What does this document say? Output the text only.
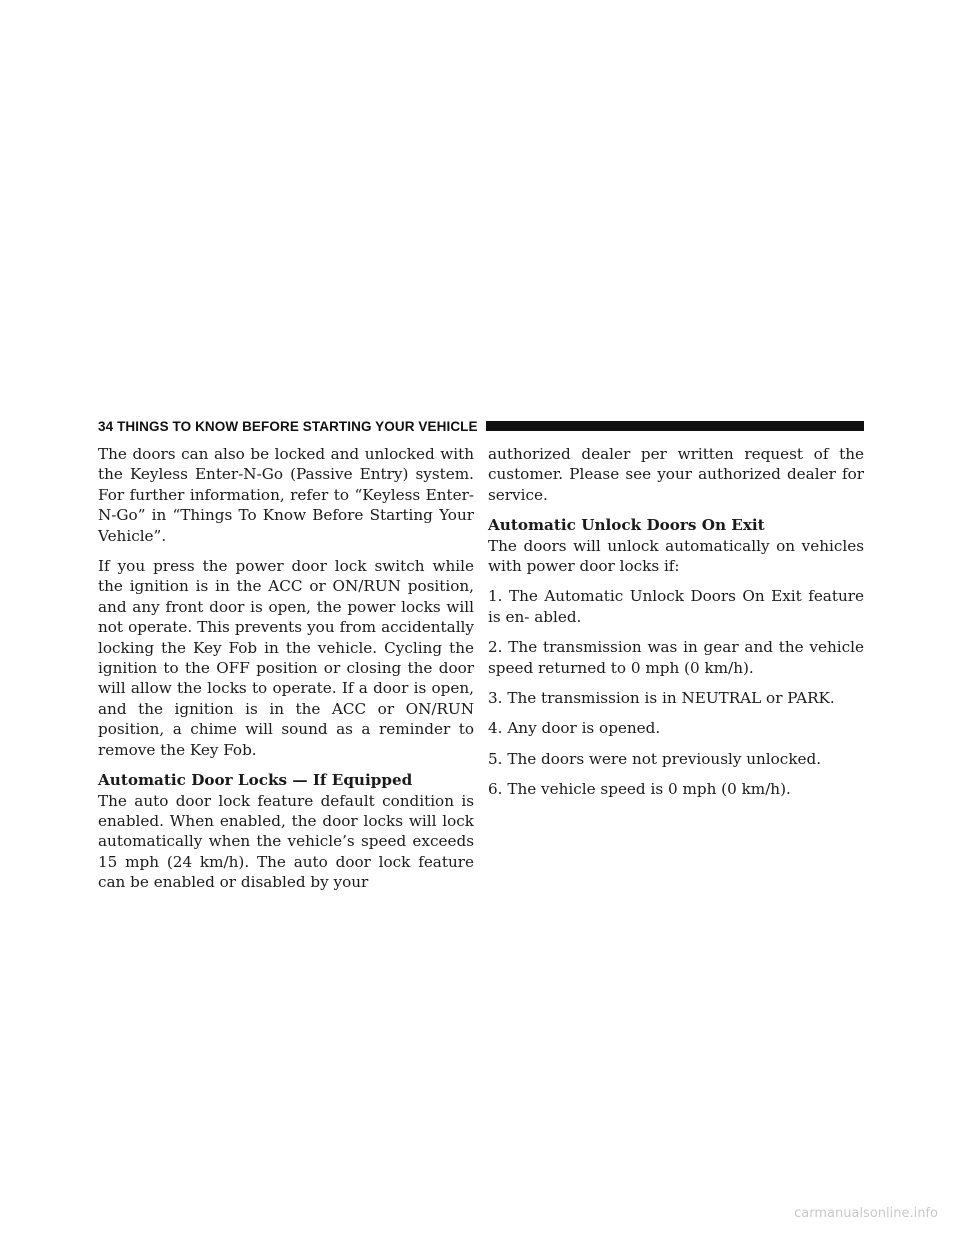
34 THINGS TO KNOW BEFORE STARTING YOUR VEHICLE

The doors can also be locked and unlocked with the Keyless Enter-N-Go (Passive Entry) system. For further information, refer to “Keyless Enter-N-Go” in “Things To Know Before Starting Your Vehicle”.

If you press the power door lock switch while the ignition is in the ACC or ON/RUN position, and any front door is open, the power locks will not operate. This prevents you from accidentally locking the Key Fob in the vehicle. Cycling the ignition to the OFF position or closing the door will allow the locks to operate. If a door is open, and the ignition is in the ACC or ON/RUN position, a chime will sound as a reminder to remove the Key Fob.

Automatic Door Locks — If Equipped

The auto door lock feature default condition is enabled. When enabled, the door locks will lock automatically when the vehicle’s speed exceeds 15 mph (24 km/h). The auto door lock feature can be enabled or disabled by your

authorized dealer per written request of the customer. Please see your authorized dealer for service.

Automatic Unlock Doors On Exit

The doors will unlock automatically on vehicles with power door locks if:

1. The Automatic Unlock Doors On Exit feature is en- abled.

2. The transmission was in gear and the vehicle speed returned to 0 mph (0 km/h).

3. The transmission is in NEUTRAL or PARK.

4. Any door is opened.

5. The doors were not previously unlocked.

6. The vehicle speed is 0 mph (0 km/h).

carmanualsonline.info
